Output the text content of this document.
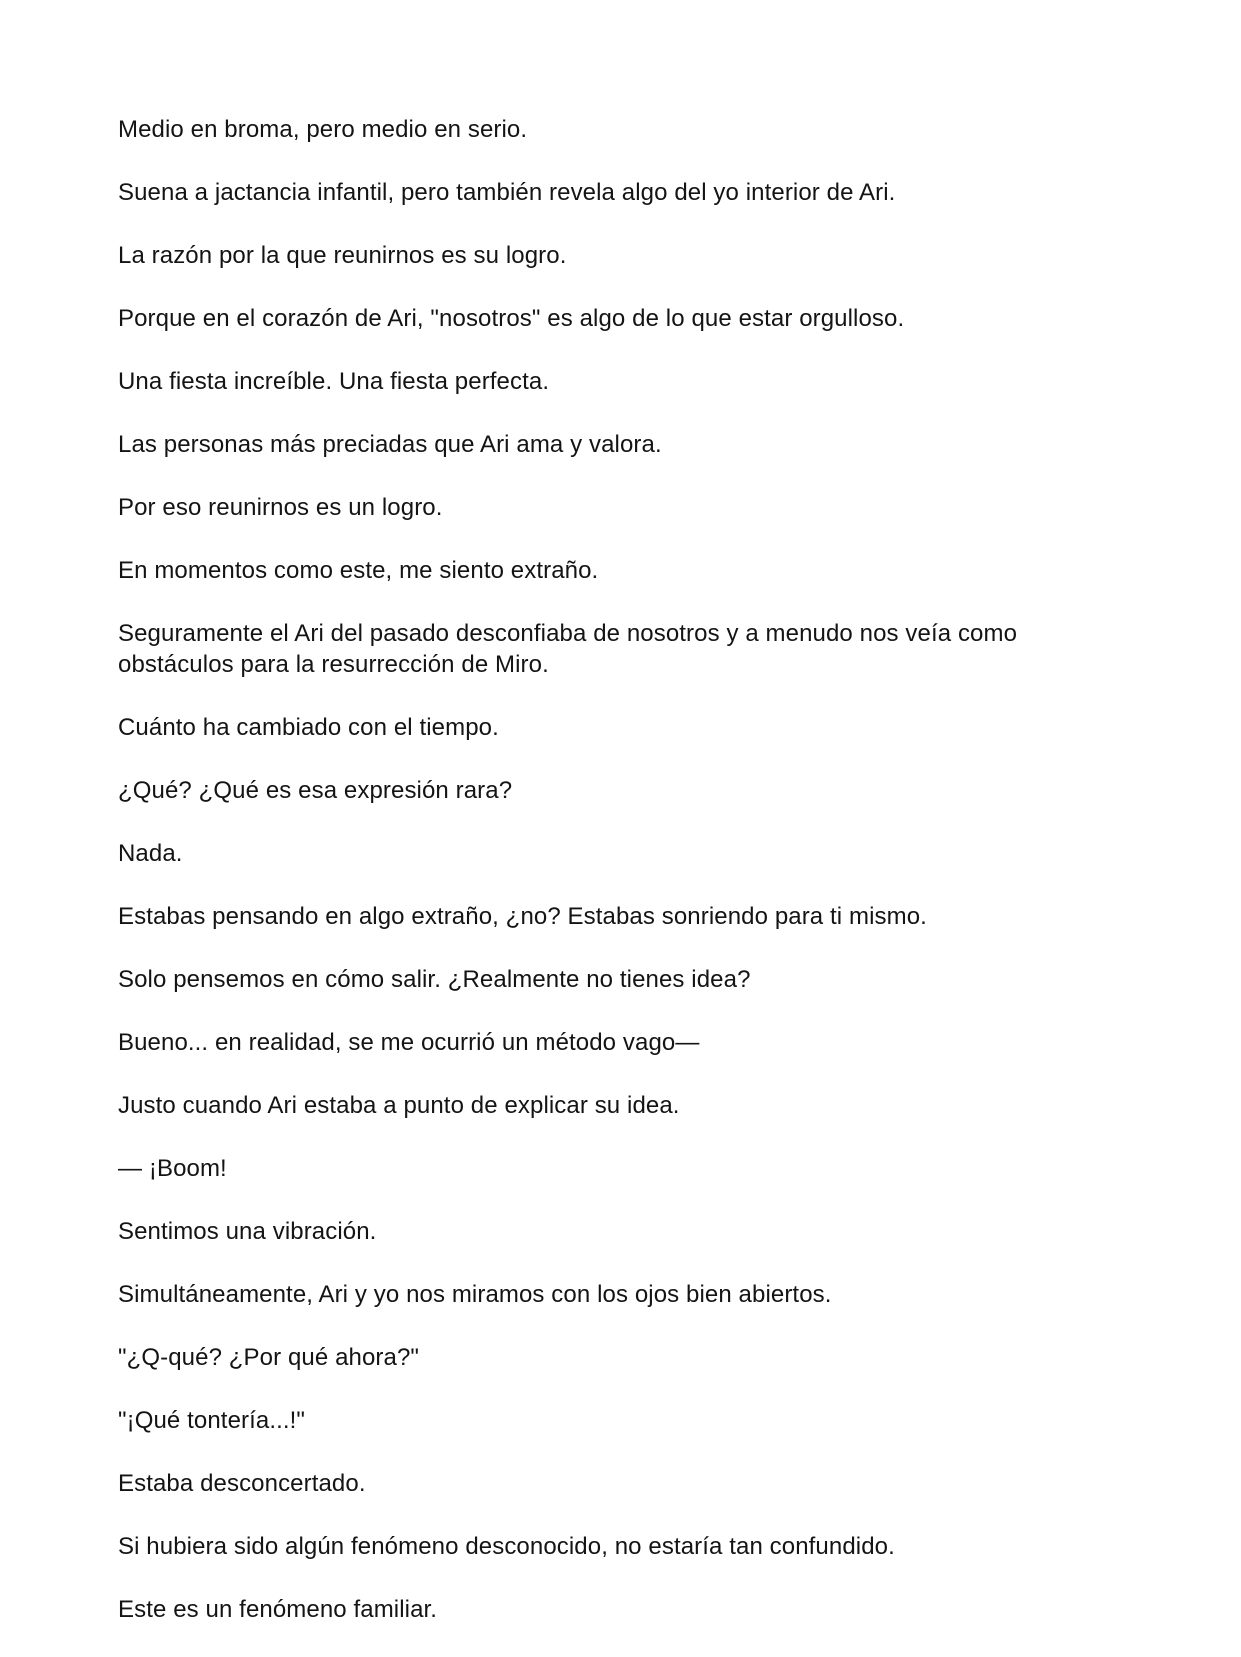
Medio en broma, pero medio en serio.

Suena a jactancia infantil, pero también revela algo del yo interior de Ari.

La razón por la que reunirnos es su logro.

Porque en el corazón de Ari, "nosotros" es algo de lo que estar orgulloso.

Una fiesta increíble. Una fiesta perfecta.

Las personas más preciadas que Ari ama y valora.

Por eso reunirnos es un logro.

En momentos como este, me siento extraño.

Seguramente el Ari del pasado desconfiaba de nosotros y a menudo nos veía como obstáculos para la resurrección de Miro.

Cuánto ha cambiado con el tiempo.

¿Qué? ¿Qué es esa expresión rara?

Nada.

Estabas pensando en algo extraño, ¿no? Estabas sonriendo para ti mismo.

Solo pensemos en cómo salir. ¿Realmente no tienes idea?

Bueno... en realidad, se me ocurrió un método vago—

Justo cuando Ari estaba a punto de explicar su idea.

— ¡Boom!

Sentimos una vibración.

Simultáneamente, Ari y yo nos miramos con los ojos bien abiertos.

"¿Q-qué? ¿Por qué ahora?"

"¡Qué tontería...!"

Estaba desconcertado.

Si hubiera sido algún fenómeno desconocido, no estaría tan confundido.

Este es un fenómeno familiar.
